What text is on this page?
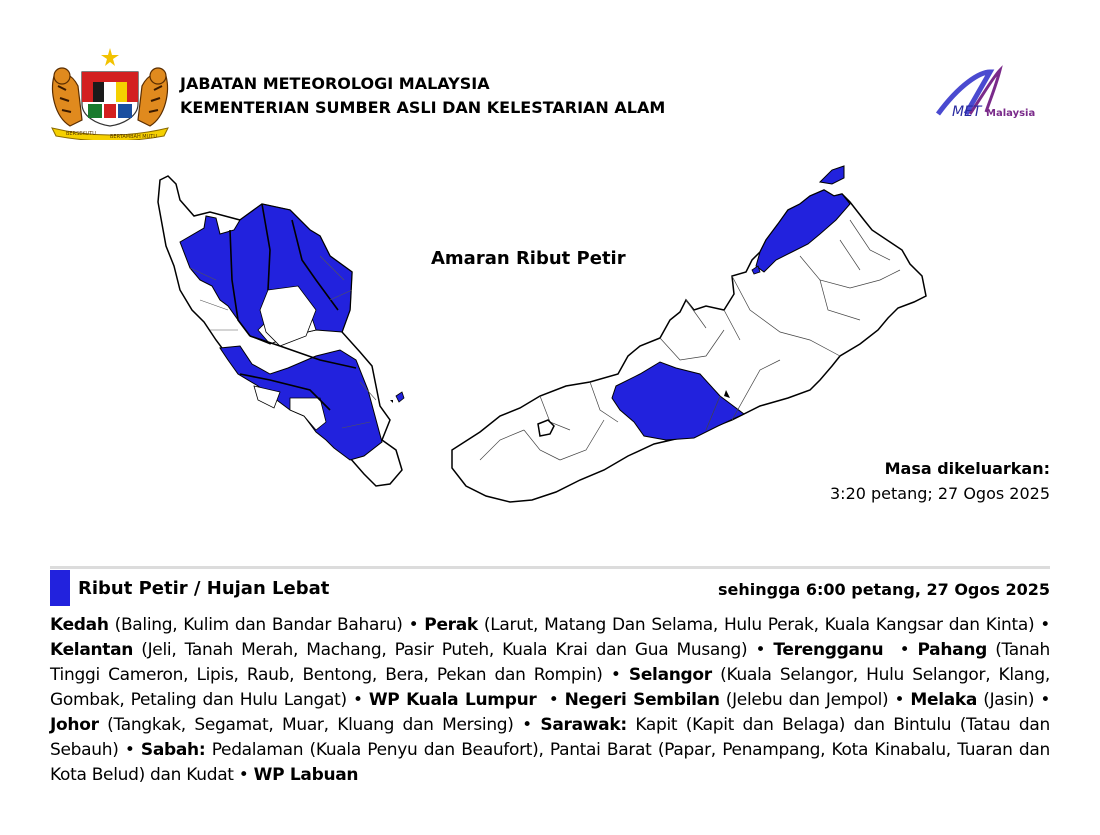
BERSEKUTU	BERTAMBAH MUTU
JABATAN METEOROLOGI MALAYSIA
KEMENTERIAN SUMBER ASLI DAN KELESTARIAN ALAM	MET Malaysia
Amaran Ribut Petir
Masa dikeluarkan:
3:20 petang; 27 Ogos 2025
Ribut Petir / Hujan Lebat	sehingga 6:00 petang, 27 Ogos 2025
Kedah (Baling, Kulim dan Bandar Baharu) • Perak (Larut, Matang Dan Selama, Hulu Perak, Kuala Kangsar dan Kinta) • Kelantan (Jeli, Tanah Merah, Machang, Pasir Puteh, Kuala Krai dan Gua Musang) • Terengganu • Pahang (Tanah Tinggi Cameron, Lipis, Raub, Bentong, Bera, Pekan dan Rompin) • Selangor (Kuala Selangor, Hulu Selangor, Klang, Gombak, Petaling dan Hulu Langat) • WP Kuala Lumpur • Negeri Sembilan (Jelebu dan Jempol) • Melaka (Jasin) • Johor (Tangkak, Segamat, Muar, Kluang dan Mersing) • Sarawak: Kapit (Kapit dan Belaga) dan Bintulu (Tatau dan Sebauh) • Sabah: Pedalaman (Kuala Penyu dan Beaufort), Pantai Barat (Papar, Penampang, Kota Kinabalu, Tuaran dan Kota Belud) dan Kudat • WP Labuan
